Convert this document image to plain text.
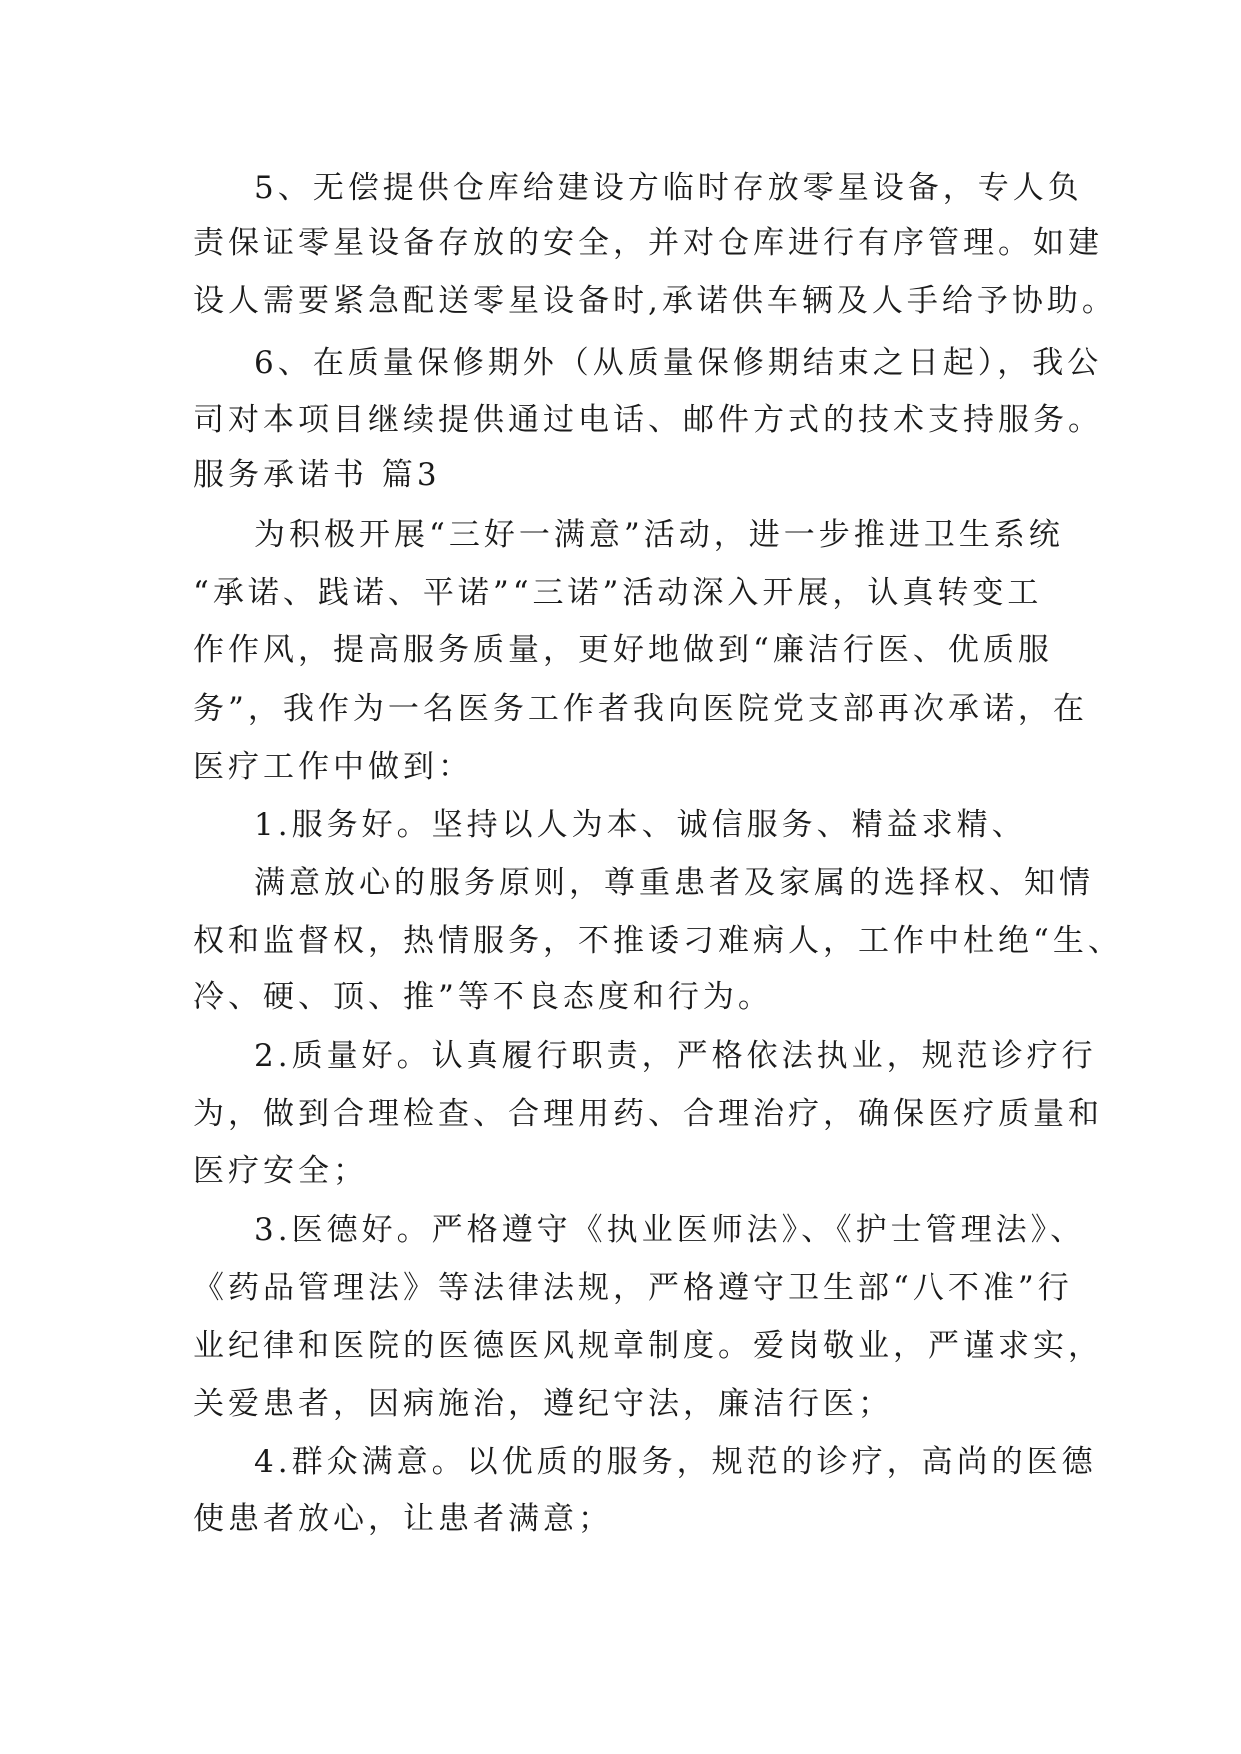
5、无偿提供仓库给建设方临时存放零星设备，专人负
责保证零星设备存放的安全，并对仓库进行有序管理。如建
设人需要紧急配送零星设备时,承诺供车辆及人手给予协助。
6、在质量保修期外（从质量保修期结束之日起），我公
司对本项目继续提供通过电话、邮件方式的技术支持服务。
服务承诺书 篇3
为积极开展“三好一满意”活动，进一步推进卫生系统
“承诺、践诺、平诺”“三诺”活动深入开展，认真转变工
作作风，提高服务质量，更好地做到“廉洁行医、优质服
务”，我作为一名医务工作者我向医院党支部再次承诺，在
医疗工作中做到：
1.服务好。坚持以人为本、诚信服务、精益求精、
满意放心的服务原则，尊重患者及家属的选择权、知情
权和监督权，热情服务，不推诿刁难病人，工作中杜绝“生、
冷、硬、顶、推”等不良态度和行为。
2.质量好。认真履行职责，严格依法执业，规范诊疗行
为，做到合理检查、合理用药、合理治疗，确保医疗质量和
医疗安全；
3.医德好。严格遵守《执业医师法》、《护士管理法》、
《药品管理法》等法律法规，严格遵守卫生部“八不准”行
业纪律和医院的医德医风规章制度。爱岗敬业，严谨求实，
关爱患者，因病施治，遵纪守法，廉洁行医；
4.群众满意。以优质的服务，规范的诊疗，高尚的医德
使患者放心，让患者满意；
